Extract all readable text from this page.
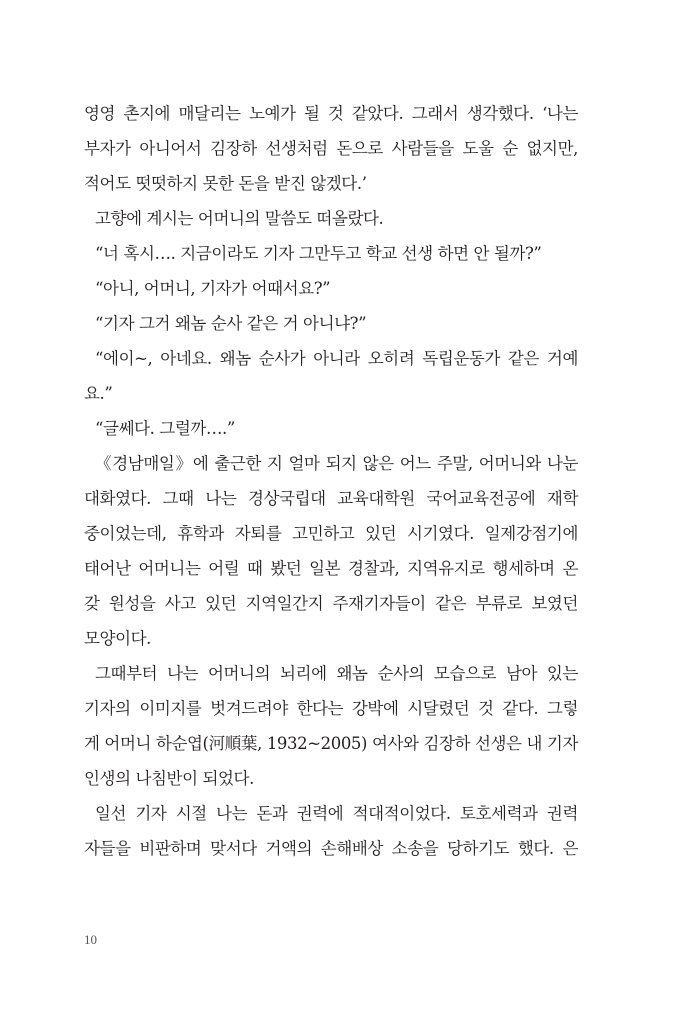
영영 촌지에 매달리는 노예가 될 것 같았다. 그래서 생각했다. ‘나는
부자가 아니어서 김장하 선생처럼 돈으로 사람들을 도울 순 없지만,
적어도 떳떳하지 못한 돈을 받진 않겠다.’
고향에 계시는 어머니의 말씀도 떠올랐다.
“너 혹시…. 지금이라도 기자 그만두고 학교 선생 하면 안 될까?”
“아니, 어머니, 기자가 어때서요?”
“기자 그거 왜놈 순사 같은 거 아니냐?”
“에이~, 아네요. 왜놈 순사가 아니라 오히려 독립운동가 같은 거예
요.”
“글쎄다. 그럴까….”
《경남매일》에 출근한 지 얼마 되지 않은 어느 주말, 어머니와 나눈
대화였다. 그때 나는 경상국립대 교육대학원 국어교육전공에 재학
중이었는데, 휴학과 자퇴를 고민하고 있던 시기였다. 일제강점기에
태어난 어머니는 어릴 때 봤던 일본 경찰과, 지역유지로 행세하며 온
갖 원성을 사고 있던 지역일간지 주재기자들이 같은 부류로 보였던
모양이다.
그때부터 나는 어머니의 뇌리에 왜놈 순사의 모습으로 남아 있는
기자의 이미지를 벗겨드려야 한다는 강박에 시달렸던 것 같다. 그렇
게 어머니 하순엽(河順葉, 1932~2005) 여사와 김장하 선생은 내 기자
인생의 나침반이 되었다.
일선 기자 시절 나는 돈과 권력에 적대적이었다. 토호세력과 권력
자들을 비판하며 맞서다 거액의 손해배상 소송을 당하기도 했다. 은
10
